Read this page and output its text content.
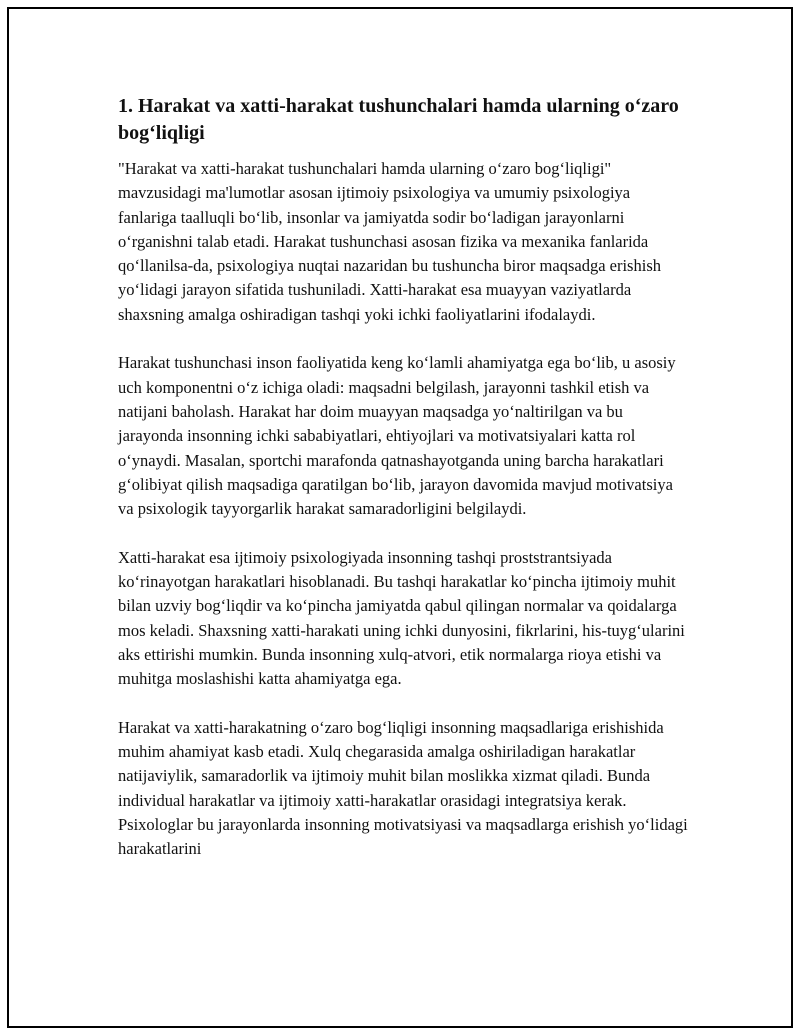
1. Harakat va xatti-harakat tushunchalari hamda ularning o‘zaro bog‘liqligi

"Harakat va xatti-harakat tushunchalari hamda ularning o‘zaro bog‘liqligi" mavzusidagi ma'lumotlar asosan ijtimoiy psixologiya va umumiy psixologiya fanlariga taalluqli bo‘lib, insonlar va jamiyatda sodir bo‘ladigan jarayonlarni o‘rganishni talab etadi. Harakat tushunchasi asosan fizika va mexanika fanlarida qo‘llanilsa-da, psixologiya nuqtai nazaridan bu tushuncha biror maqsadga erishish yo‘lidagi jarayon sifatida tushuniladi. Xatti-harakat esa muayyan vaziyatlarda shaxsning amalga oshiradigan tashqi yoki ichki faoliyatlarini ifodalaydi.

Harakat tushunchasi inson faoliyatida keng ko‘lamli ahamiyatga ega bo‘lib, u asosiy uch komponentni o‘z ichiga oladi: maqsadni belgilash, jarayonni tashkil etish va natijani baholash. Harakat har doim muayyan maqsadga yo‘naltirilgan va bu jarayonda insonning ichki sababiyatlari, ehtiyojlari va motivatsiyalari katta rol o‘ynaydi. Masalan, sportchi marafonda qatnashayotganda uning barcha harakatlari g‘olibiyat qilish maqsadiga qaratilgan bo‘lib, jarayon davomida mavjud motivatsiya va psixologik tayyorgarlik harakat samaradorligini belgilaydi.

Xatti-harakat esa ijtimoiy psixologiyada insonning tashqi proststrantsiyada ko‘rinayotgan harakatlari hisoblanadi. Bu tashqi harakatlar ko‘pincha ijtimoiy muhit bilan uzviy bog‘liqdir va ko‘pincha jamiyatda qabul qilingan normalar va qoidalarga mos keladi. Shaxsning xatti-harakati uning ichki dunyosini, fikrlarini, his-tuyg‘ularini aks ettirishi mumkin. Bunda insonning xulq-atvori, etik normalarga rioya etishi va muhitga moslashishi katta ahamiyatga ega.

Harakat va xatti-harakatning o‘zaro bog‘liqligi insonning maqsadlariga erishishida muhim ahamiyat kasb etadi. Xulq chegarasida amalga oshiriladigan harakatlar natijaviylik, samaradorlik va ijtimoiy muhit bilan moslikka xizmat qiladi. Bunda individual harakatlar va ijtimoiy xatti-harakatlar orasidagi integratsiya kerak. Psixologlar bu jarayonlarda insonning motivatsiyasi va maqsadlarga erishish yo‘lidagi harakatlarini
